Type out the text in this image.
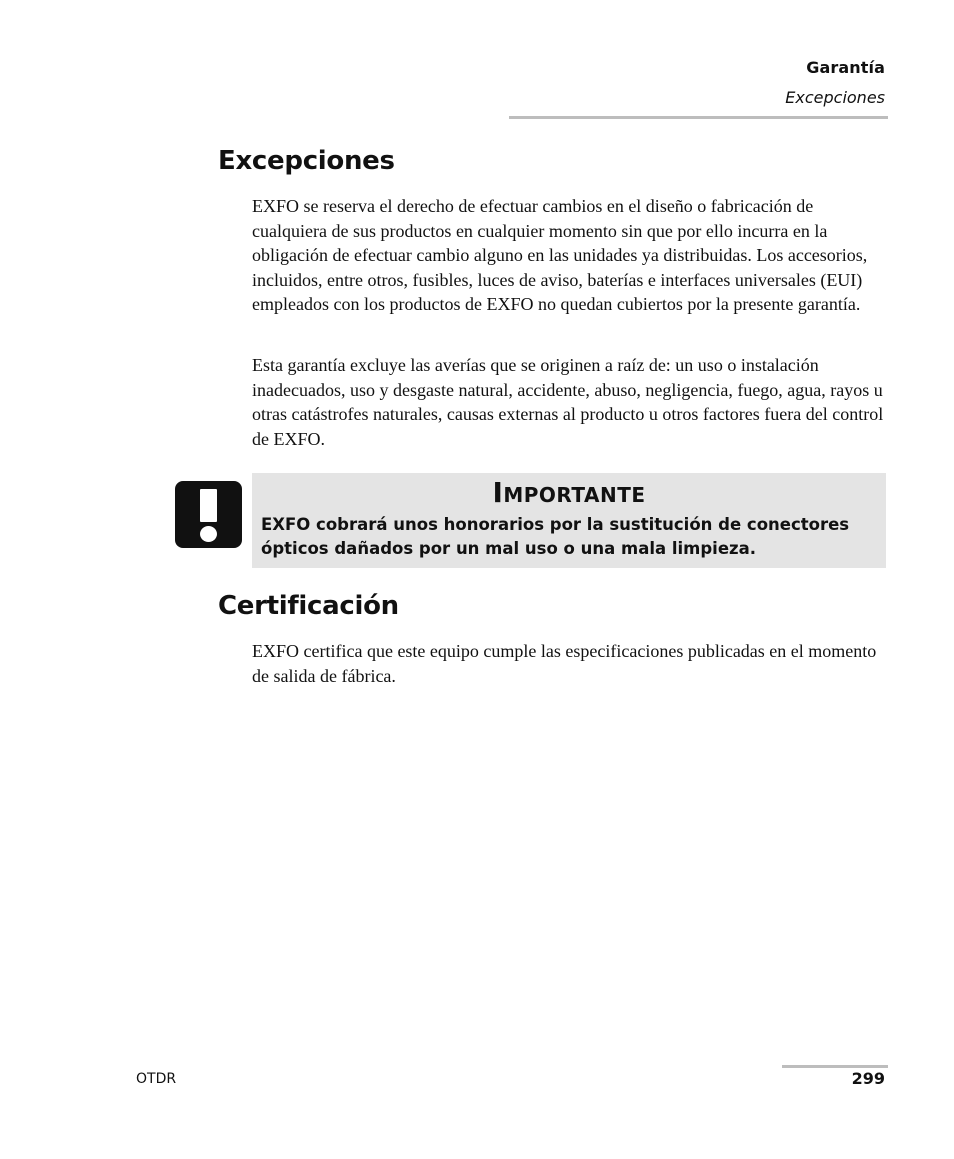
Garantía
Excepciones
Excepciones

EXFO se reserva el derecho de efectuar cambios en el diseño o fabricación de cualquiera de sus productos en cualquier momento sin que por ello incurra en la obligación de efectuar cambio alguno en las unidades ya distribuidas. Los accesorios, incluidos, entre otros, fusibles, luces de aviso, baterías e interfaces universales (EUI) empleados con los productos de EXFO no quedan cubiertos por la presente garantía.

Esta garantía excluye las averías que se originen a raíz de: un uso o instalación inadecuados, uso y desgaste natural, accidente, abuso, negligencia, fuego, agua, rayos u otras catástrofes naturales, causas externas al producto u otros factores fuera del control de EXFO.

Importante
EXFO cobrará unos honorarios por la sustitución de conectores ópticos dañados por un mal uso o una mala limpieza.
Certificación

EXFO certifica que este equipo cumple las especificaciones publicadas en el momento de salida de fábrica.

OTDR	299
